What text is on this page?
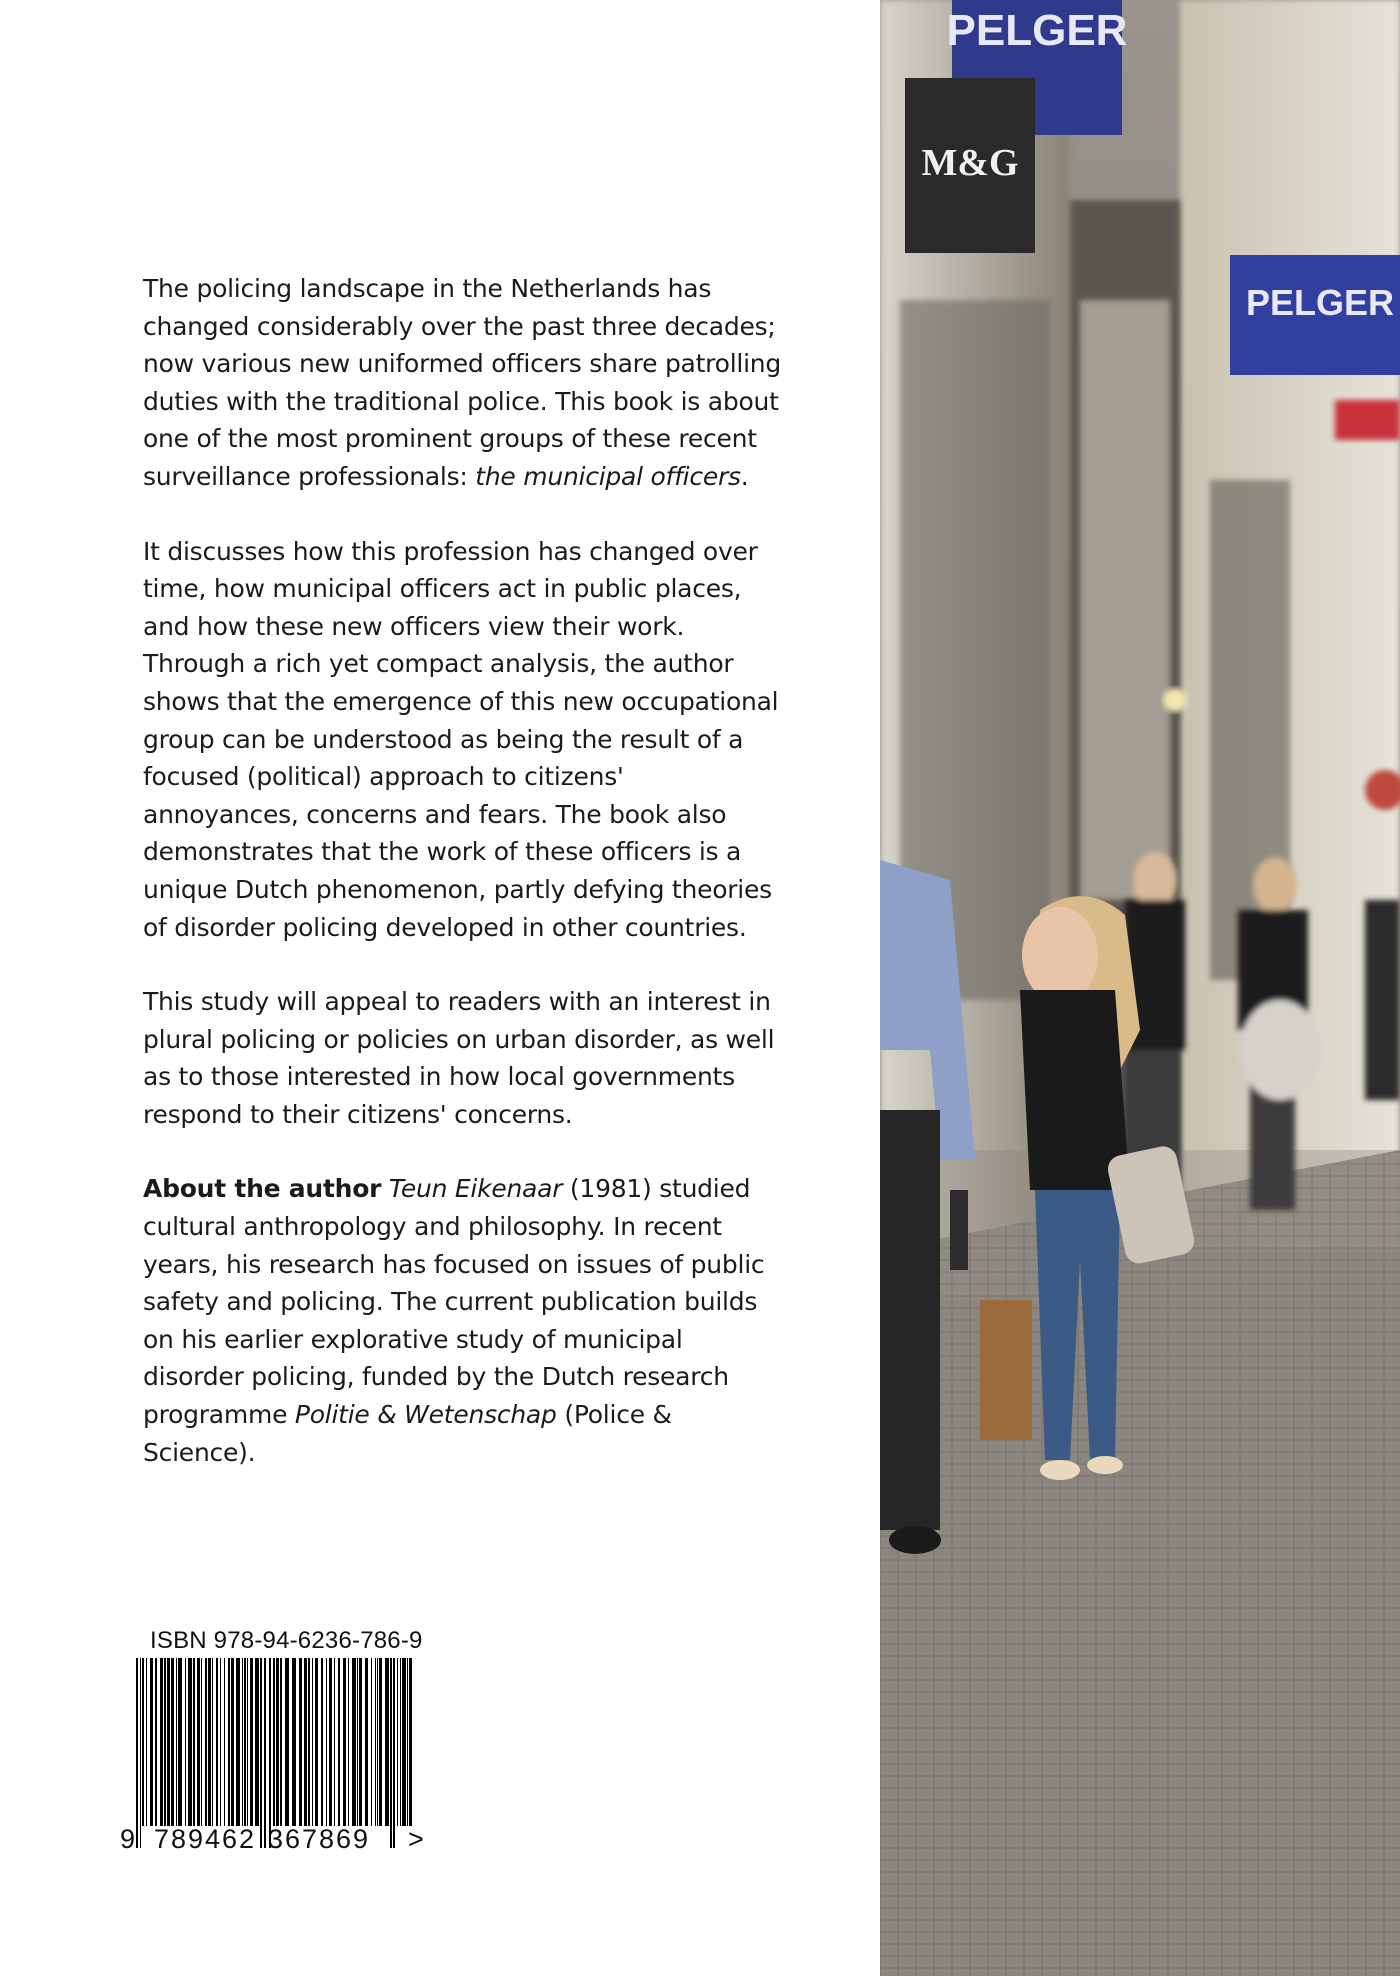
The policing landscape in the Netherlands has changed considerably over the past three decades; now various new uniformed officers share patrolling duties with the traditional police. This book is about one of the most prominent groups of these recent surveillance professionals: the municipal officers.

It discusses how this profession has changed over time, how municipal officers act in public places, and how these new officers view their work. Through a rich yet compact analysis, the author shows that the emergence of this new occupational group can be understood as being the result of a focused (political) approach to citizens' annoyances, concerns and fears. The book also demonstrates that the work of these officers is a unique Dutch phenomenon, partly defying theories of disorder policing developed in other countries.

This study will appeal to readers with an interest in plural policing or policies on urban disorder, as well as to those interested in how local governments respond to their citizens' concerns.

About the author Teun Eikenaar (1981) studied cultural anthropology and philosophy. In recent years, his research has focused on issues of public safety and policing. The current publication builds on his earlier explorative study of municipal disorder policing, funded by the Dutch research programme Politie & Wetenschap (Police & Science).

ISBN 978-94-6236-786-9
9 789462 367869 >
PELGER
M&G
PELGER
